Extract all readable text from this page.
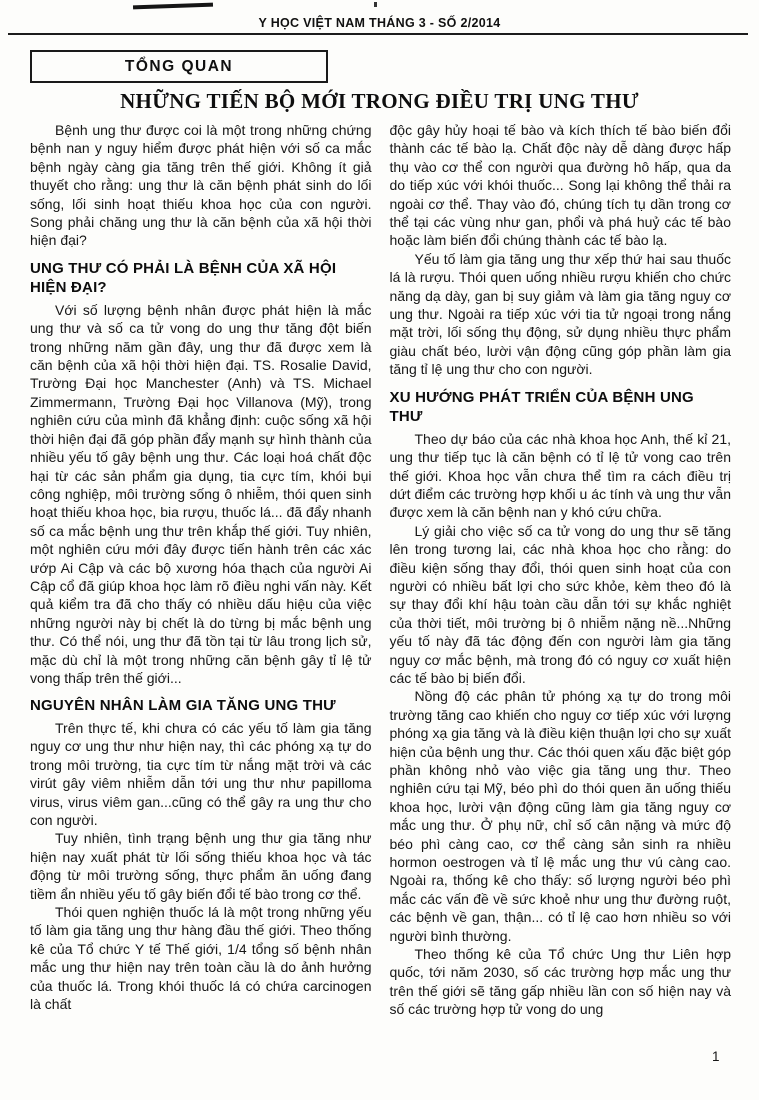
Y HỌC VIỆT NAM THÁNG 3 - SỐ 2/2014
TỔNG QUAN
NHỮNG TIẾN BỘ MỚI TRONG ĐIỀU TRỊ UNG THƯ

Bệnh ung thư được coi là một trong những chứng bệnh nan y nguy hiểm được phát hiện với số ca mắc bệnh ngày càng gia tăng trên thế giới. Không ít giả thuyết cho rằng: ung thư là căn bệnh phát sinh do lối sống, lối sinh hoạt thiếu khoa học của con người. Song phải chăng ung thư là căn bệnh của xã hội thời hiện đại?

UNG THƯ CÓ PHẢI LÀ BỆNH CỦA XÃ HỘI HIỆN ĐẠI?

Với số lượng bệnh nhân được phát hiện là mắc ung thư và số ca tử vong do ung thư tăng đột biến trong những năm gần đây, ung thư đã được xem là căn bệnh của xã hội thời hiện đại. TS. Rosalie David, Trường Đại học Manchester (Anh) và TS. Michael Zimmermann, Trường Đại học Villanova (Mỹ), trong nghiên cứu của mình đã khẳng định: cuộc sống xã hội thời hiện đại đã góp phần đẩy mạnh sự hình thành của nhiều yếu tố gây bệnh ung thư. Các loại hoá chất độc hại từ các sản phẩm gia dụng, tia cực tím, khói bụi công nghiệp, môi trường sống ô nhiễm, thói quen sinh hoạt thiếu khoa học, bia rượu, thuốc lá... đã đẩy nhanh số ca mắc bệnh ung thư trên khắp thế giới. Tuy nhiên, một nghiên cứu mới đây được tiến hành trên các xác ướp Ai Cập và các bộ xương hóa thạch của người Ai Cập cổ đã giúp khoa học làm rõ điều nghi vấn này. Kết quả kiểm tra đã cho thấy có nhiều dấu hiệu của việc những người này bị chết là do từng bị mắc bệnh ung thư. Có thể nói, ung thư đã tồn tại từ lâu trong lịch sử, mặc dù chỉ là một trong những căn bệnh gây tỉ lệ tử vong thấp trên thế giới...

NGUYÊN NHÂN LÀM GIA TĂNG UNG THƯ

Trên thực tế, khi chưa có các yếu tố làm gia tăng nguy cơ ung thư như hiện nay, thì các phóng xạ tự do trong môi trường, tia cực tím từ nắng mặt trời và các virút gây viêm nhiễm dẫn tới ung thư như papilloma virus, virus viêm gan...cũng có thể gây ra ung thư cho con người.

Tuy nhiên, tình trạng bệnh ung thư gia tăng như hiện nay xuất phát từ lối sống thiếu khoa học và tác động từ môi trường sống, thực phẩm ăn uống đang tiềm ẩn nhiều yếu tố gây biến đổi tế bào trong cơ thể.

Thói quen nghiện thuốc lá là một trong những yếu tố làm gia tăng ung thư hàng đầu thế giới. Theo thống kê của Tổ chức Y tế Thế giới, 1/4 tổng số bệnh nhân mắc ung thư hiện nay trên toàn cầu là do ảnh hưởng của thuốc lá. Trong khói thuốc lá có chứa carcinogen là chất

độc gây hủy hoại tế bào và kích thích tế bào biến đổi thành các tế bào lạ. Chất độc này dễ dàng được hấp thụ vào cơ thể con người qua đường hô hấp, qua da do tiếp xúc với khói thuốc... Song lại không thể thải ra ngoài cơ thể. Thay vào đó, chúng tích tụ dần trong cơ thể tại các vùng như gan, phổi và phá huỷ các tế bào hoặc làm biến đổi chúng thành các tế bào lạ.

Yếu tố làm gia tăng ung thư xếp thứ hai sau thuốc lá là rượu. Thói quen uống nhiều rượu khiến cho chức năng dạ dày, gan bị suy giảm và làm gia tăng nguy cơ ung thư. Ngoài ra tiếp xúc với tia tử ngoại trong nắng mặt trời, lối sống thụ động, sử dụng nhiều thực phẩm giàu chất béo, lười vận động cũng góp phần làm gia tăng tỉ lệ ung thư cho con người.

XU HƯỚNG PHÁT TRIỂN CỦA BỆNH UNG THƯ

Theo dự báo của các nhà khoa học Anh, thế kỉ 21, ung thư tiếp tục là căn bệnh có tỉ lệ tử vong cao trên thế giới. Khoa học vẫn chưa thể tìm ra cách điều trị dứt điểm các trường hợp khối u ác tính và ung thư vẫn được xem là căn bệnh nan y khó cứu chữa.

Lý giải cho việc số ca tử vong do ung thư sẽ tăng lên trong tương lai, các nhà khoa học cho rằng: do điều kiện sống thay đổi, thói quen sinh hoạt của con người có nhiều bất lợi cho sức khỏe, kèm theo đó là sự thay đổi khí hậu toàn cầu dẫn tới sự khắc nghiệt của thời tiết, môi trường bị ô nhiễm nặng nề...Những yếu tố này đã tác động đến con người làm gia tăng nguy cơ mắc bệnh, mà trong đó có nguy cơ xuất hiện các tế bào bị biến đổi.

Nồng độ các phân tử phóng xạ tự do trong môi trường tăng cao khiến cho nguy cơ tiếp xúc với lượng phóng xạ gia tăng và là điều kiện thuận lợi cho sự xuất hiện của bệnh ung thư. Các thói quen xấu đặc biệt góp phần không nhỏ vào việc gia tăng ung thư. Theo nghiên cứu tại Mỹ, béo phì do thói quen ăn uống thiếu khoa học, lười vận động cũng làm gia tăng nguy cơ mắc ung thư. Ở phụ nữ, chỉ số cân nặng và mức độ béo phì càng cao, cơ thể càng sản sinh ra nhiều hormon oestrogen và tỉ lệ mắc ung thư vú càng cao. Ngoài ra, thống kê cho thấy: số lượng người béo phì mắc các vấn đề về sức khoẻ như ung thư đường ruột, các bệnh về gan, thận... có tỉ lệ cao hơn nhiều so với người bình thường.

Theo thống kê của Tổ chức Ung thư Liên hợp quốc, tới năm 2030, số các trường hợp mắc ung thư trên thế giới sẽ tăng gấp nhiều lần con số hiện nay và số các trường hợp tử vong do ung

1
